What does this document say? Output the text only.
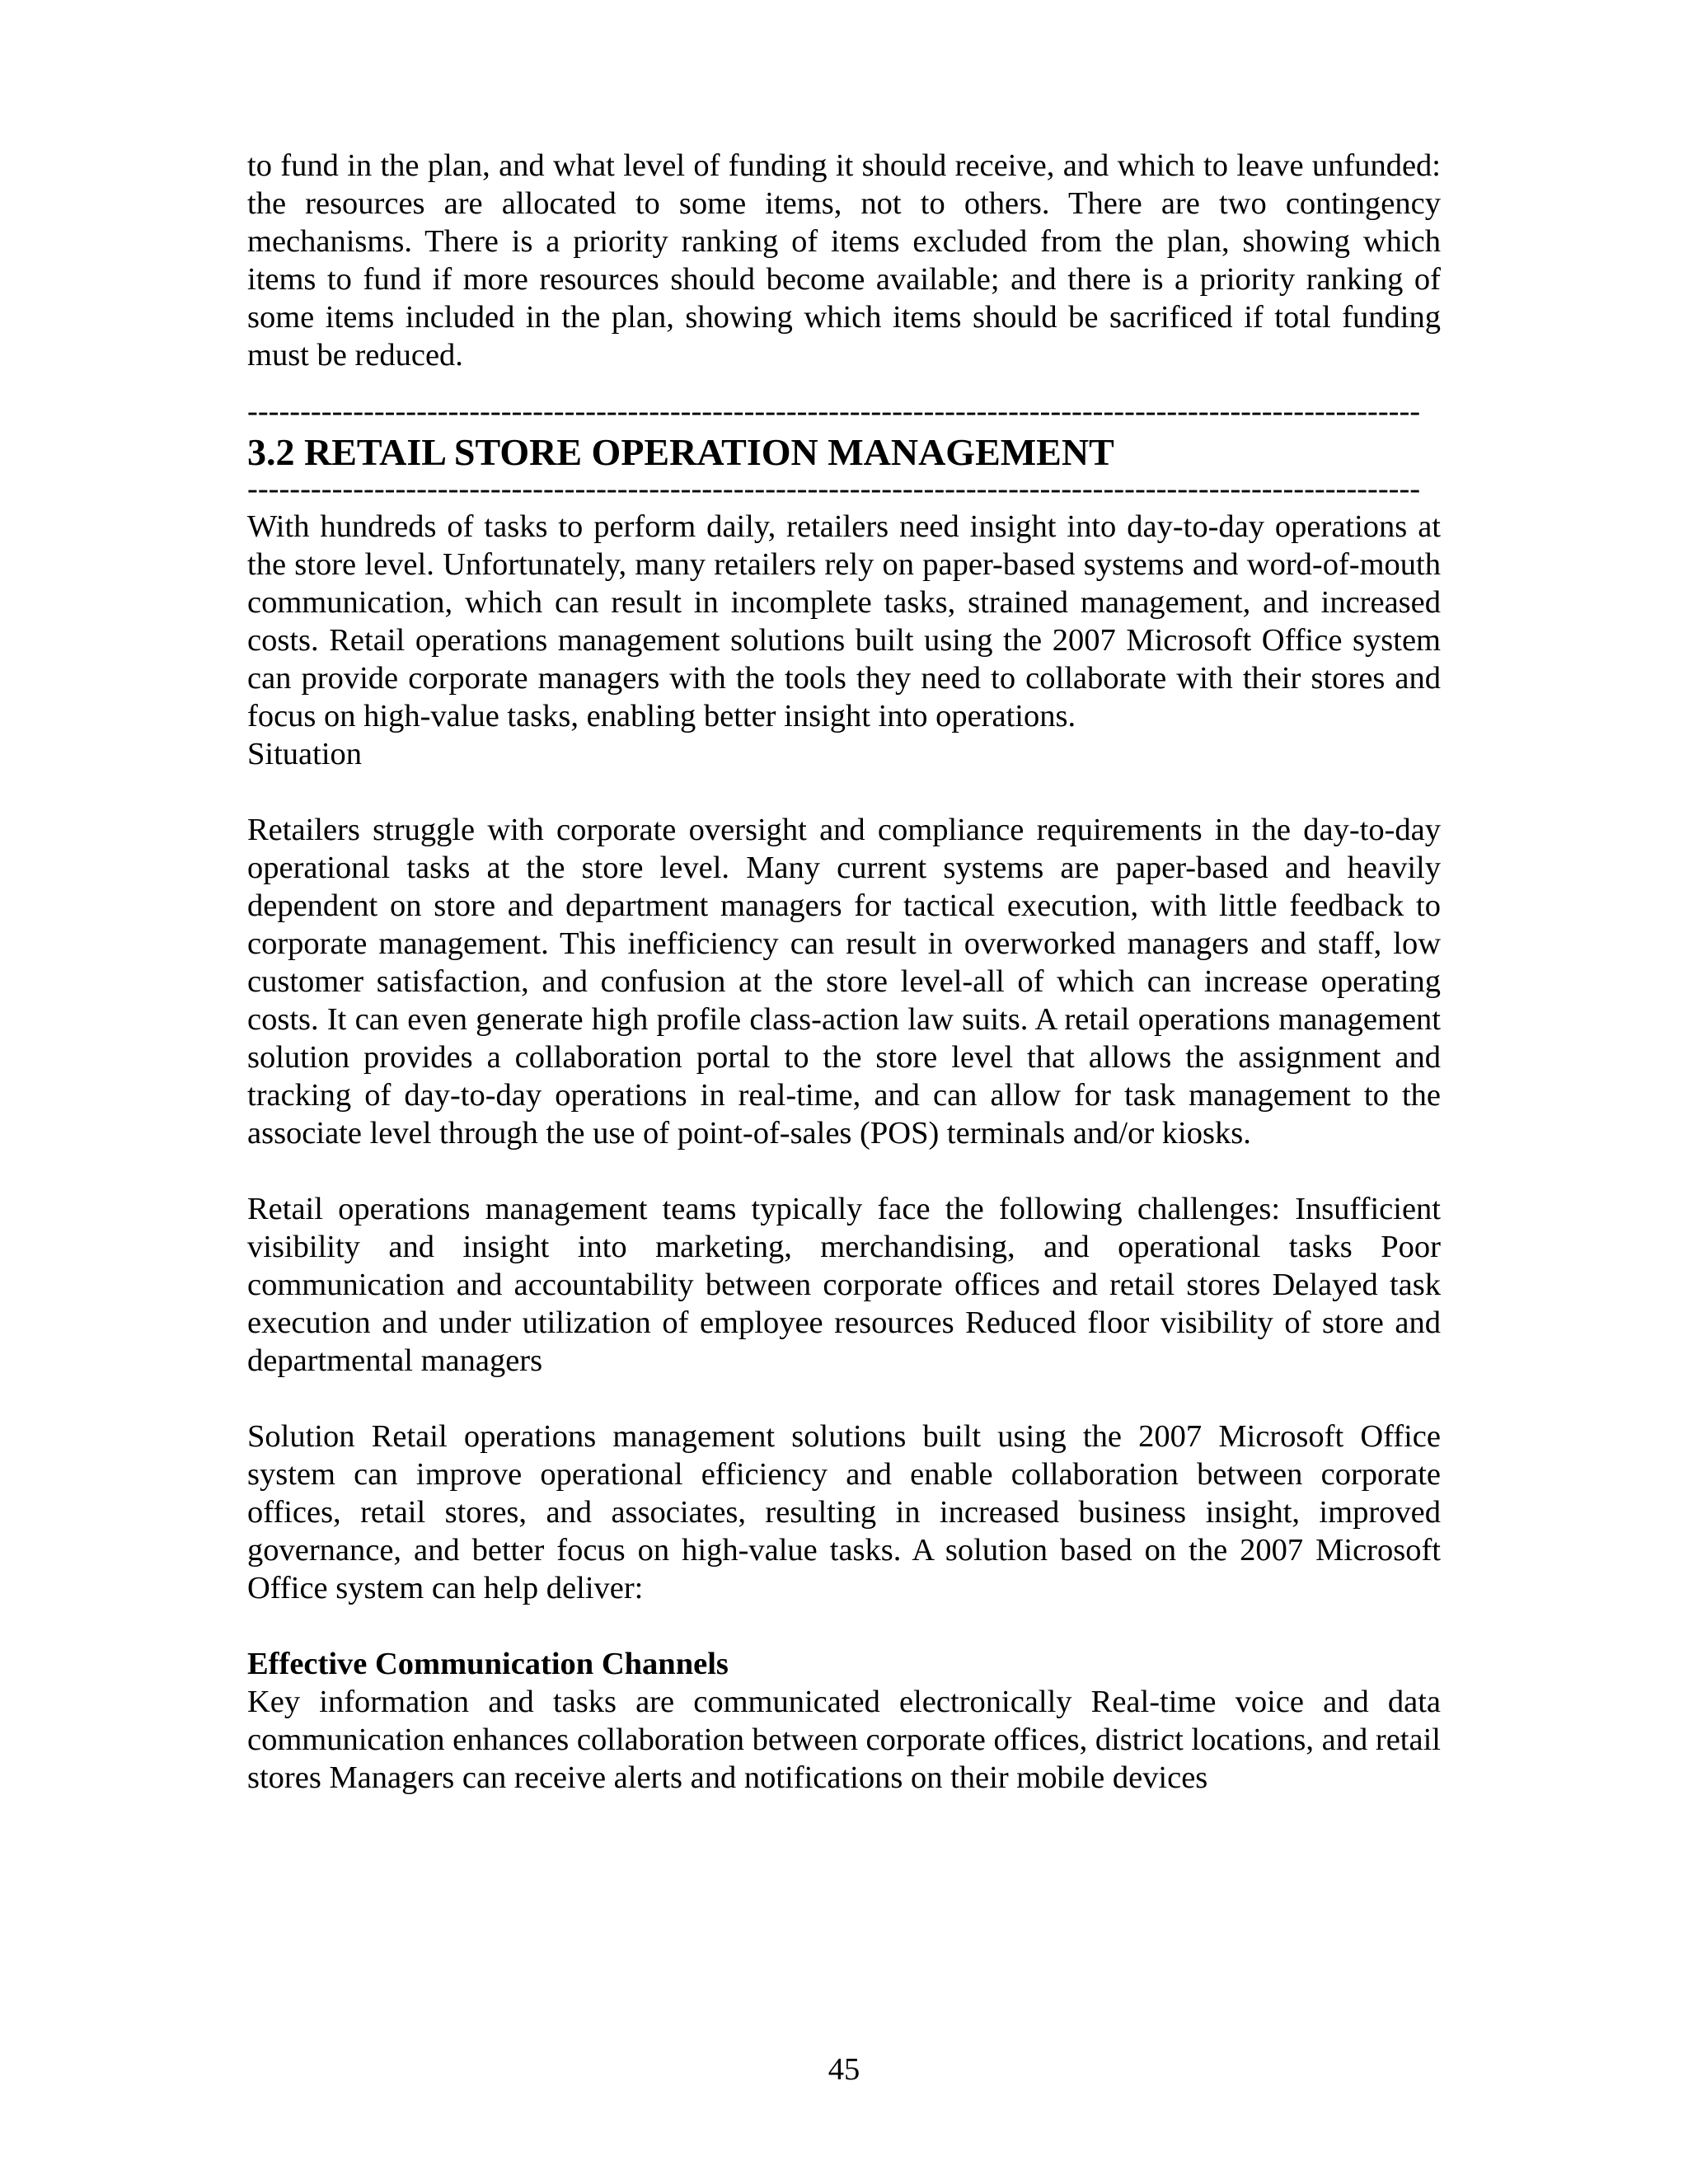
to fund in the plan, and what level of funding it should receive, and which to leave unfunded: the resources are allocated to some items, not to others. There are two contingency mechanisms. There is a priority ranking of items excluded from the plan, showing which items to fund if more resources should become available; and there is a priority ranking of some items included in the plan, showing which items should be sacrificed if total funding must be reduced.

---------------------------------------------------------------------------------------------------------------
3.2 RETAIL STORE OPERATION MANAGEMENT
---------------------------------------------------------------------------------------------------------------

With hundreds of tasks to perform daily, retailers need insight into day-to-day operations at the store level. Unfortunately, many retailers rely on paper-based systems and word-of-mouth communication, which can result in incomplete tasks, strained management, and increased costs. Retail operations management solutions built using the 2007 Microsoft Office system can provide corporate managers with the tools they need to collaborate with their stores and focus on high-value tasks, enabling better insight into operations.

Situation

Retailers struggle with corporate oversight and compliance requirements in the day-to-day operational tasks at the store level. Many current systems are paper-based and heavily dependent on store and department managers for tactical execution, with little feedback to corporate management. This inefficiency can result in overworked managers and staff, low customer satisfaction, and confusion at the store level-all of which can increase operating costs. It can even generate high profile class-action law suits. A retail operations management solution provides a collaboration portal to the store level that allows the assignment and tracking of day-to-day operations in real-time, and can allow for task management to the associate level through the use of point-of-sales (POS) terminals and/or kiosks.

Retail operations management teams typically face the following challenges: Insufficient visibility and insight into marketing, merchandising, and operational tasks Poor communication and accountability between corporate offices and retail stores Delayed task execution and under utilization of employee resources Reduced floor visibility of store and departmental managers

Solution Retail operations management solutions built using the 2007 Microsoft Office system can improve operational efficiency and enable collaboration between corporate offices, retail stores, and associates, resulting in increased business insight, improved governance, and better focus on high-value tasks. A solution based on the 2007 Microsoft Office system can help deliver:

Effective Communication Channels

Key information and tasks are communicated electronically Real-time voice and data communication enhances collaboration between corporate offices, district locations, and retail stores Managers can receive alerts and notifications on their mobile devices

45
